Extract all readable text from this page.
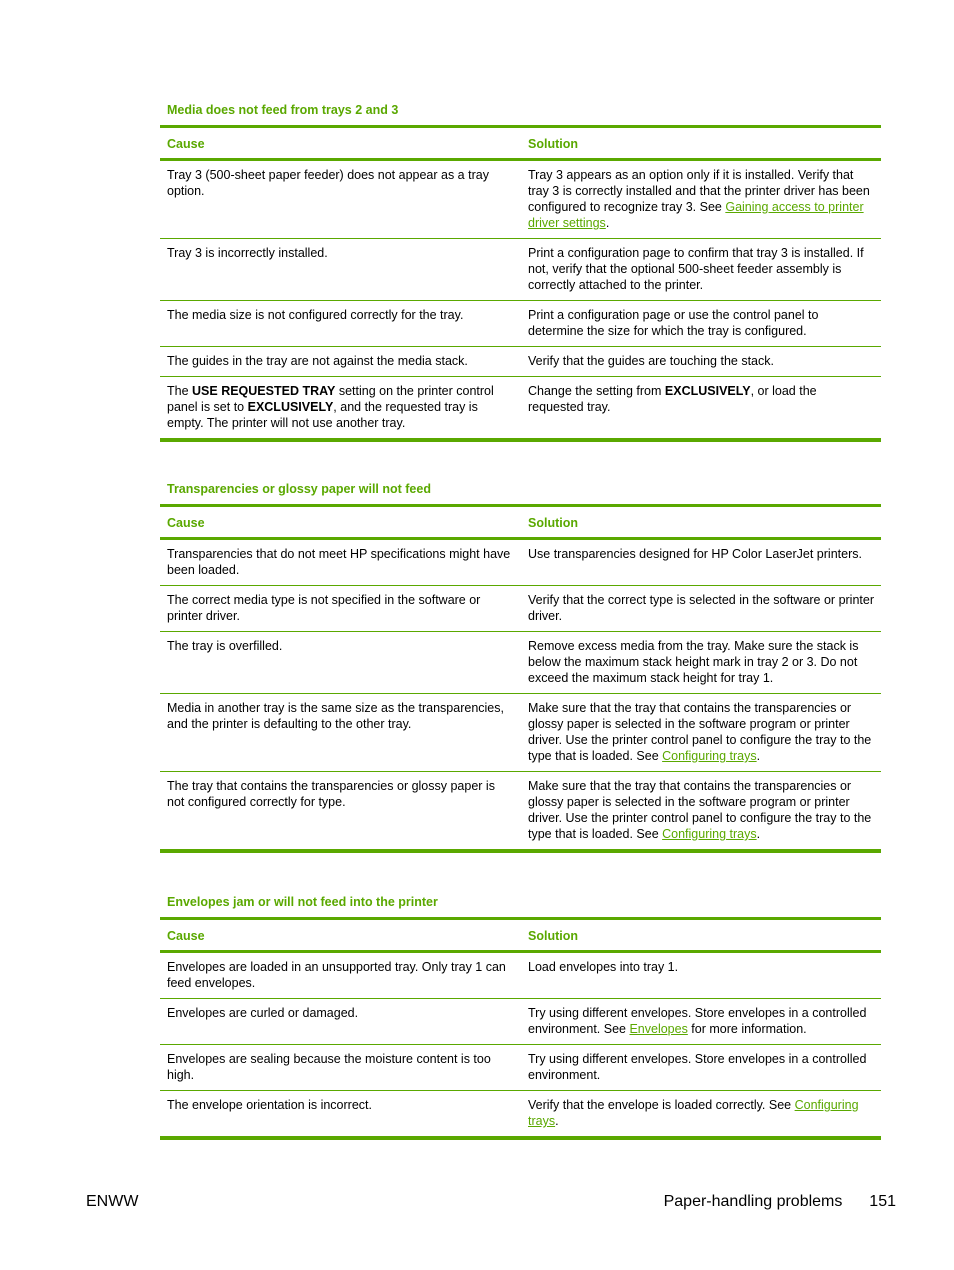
Media does not feed from trays 2 and 3
Cause	Solution
Tray 3 (500-sheet paper feeder) does not appear as a tray option.	Tray 3 appears as an option only if it is installed. Verify that tray 3 is correctly installed and that the printer driver has been configured to recognize tray 3. See Gaining access to printer driver settings.
Tray 3 is incorrectly installed.	Print a configuration page to confirm that tray 3 is installed. If not, verify that the optional 500-sheet feeder assembly is correctly attached to the printer.
The media size is not configured correctly for the tray.	Print a configuration page or use the control panel to determine the size for which the tray is configured.
The guides in the tray are not against the media stack.	Verify that the guides are touching the stack.
The USE REQUESTED TRAY setting on the printer control panel is set to EXCLUSIVELY, and the requested tray is empty. The printer will not use another tray.	Change the setting from EXCLUSIVELY, or load the requested tray.
Transparencies or glossy paper will not feed
Cause	Solution
Transparencies that do not meet HP specifications might have been loaded.	Use transparencies designed for HP Color LaserJet printers.
The correct media type is not specified in the software or printer driver.	Verify that the correct type is selected in the software or printer driver.
The tray is overfilled.	Remove excess media from the tray. Make sure the stack is below the maximum stack height mark in tray 2 or 3. Do not exceed the maximum stack height for tray 1.
Media in another tray is the same size as the transparencies, and the printer is defaulting to the other tray.	Make sure that the tray that contains the transparencies or glossy paper is selected in the software program or printer driver. Use the printer control panel to configure the tray to the type that is loaded. See Configuring trays.
The tray that contains the transparencies or glossy paper is not configured correctly for type.	Make sure that the tray that contains the transparencies or glossy paper is selected in the software program or printer driver. Use the printer control panel to configure the tray to the type that is loaded. See Configuring trays.
Envelopes jam or will not feed into the printer
Cause	Solution
Envelopes are loaded in an unsupported tray. Only tray 1 can feed envelopes.	Load envelopes into tray 1.
Envelopes are curled or damaged.	Try using different envelopes. Store envelopes in a controlled environment. See Envelopes for more information.
Envelopes are sealing because the moisture content is too high.	Try using different envelopes. Store envelopes in a controlled environment.
The envelope orientation is incorrect.	Verify that the envelope is loaded correctly. See Configuring trays.
ENWW	Paper-handling problems 151
